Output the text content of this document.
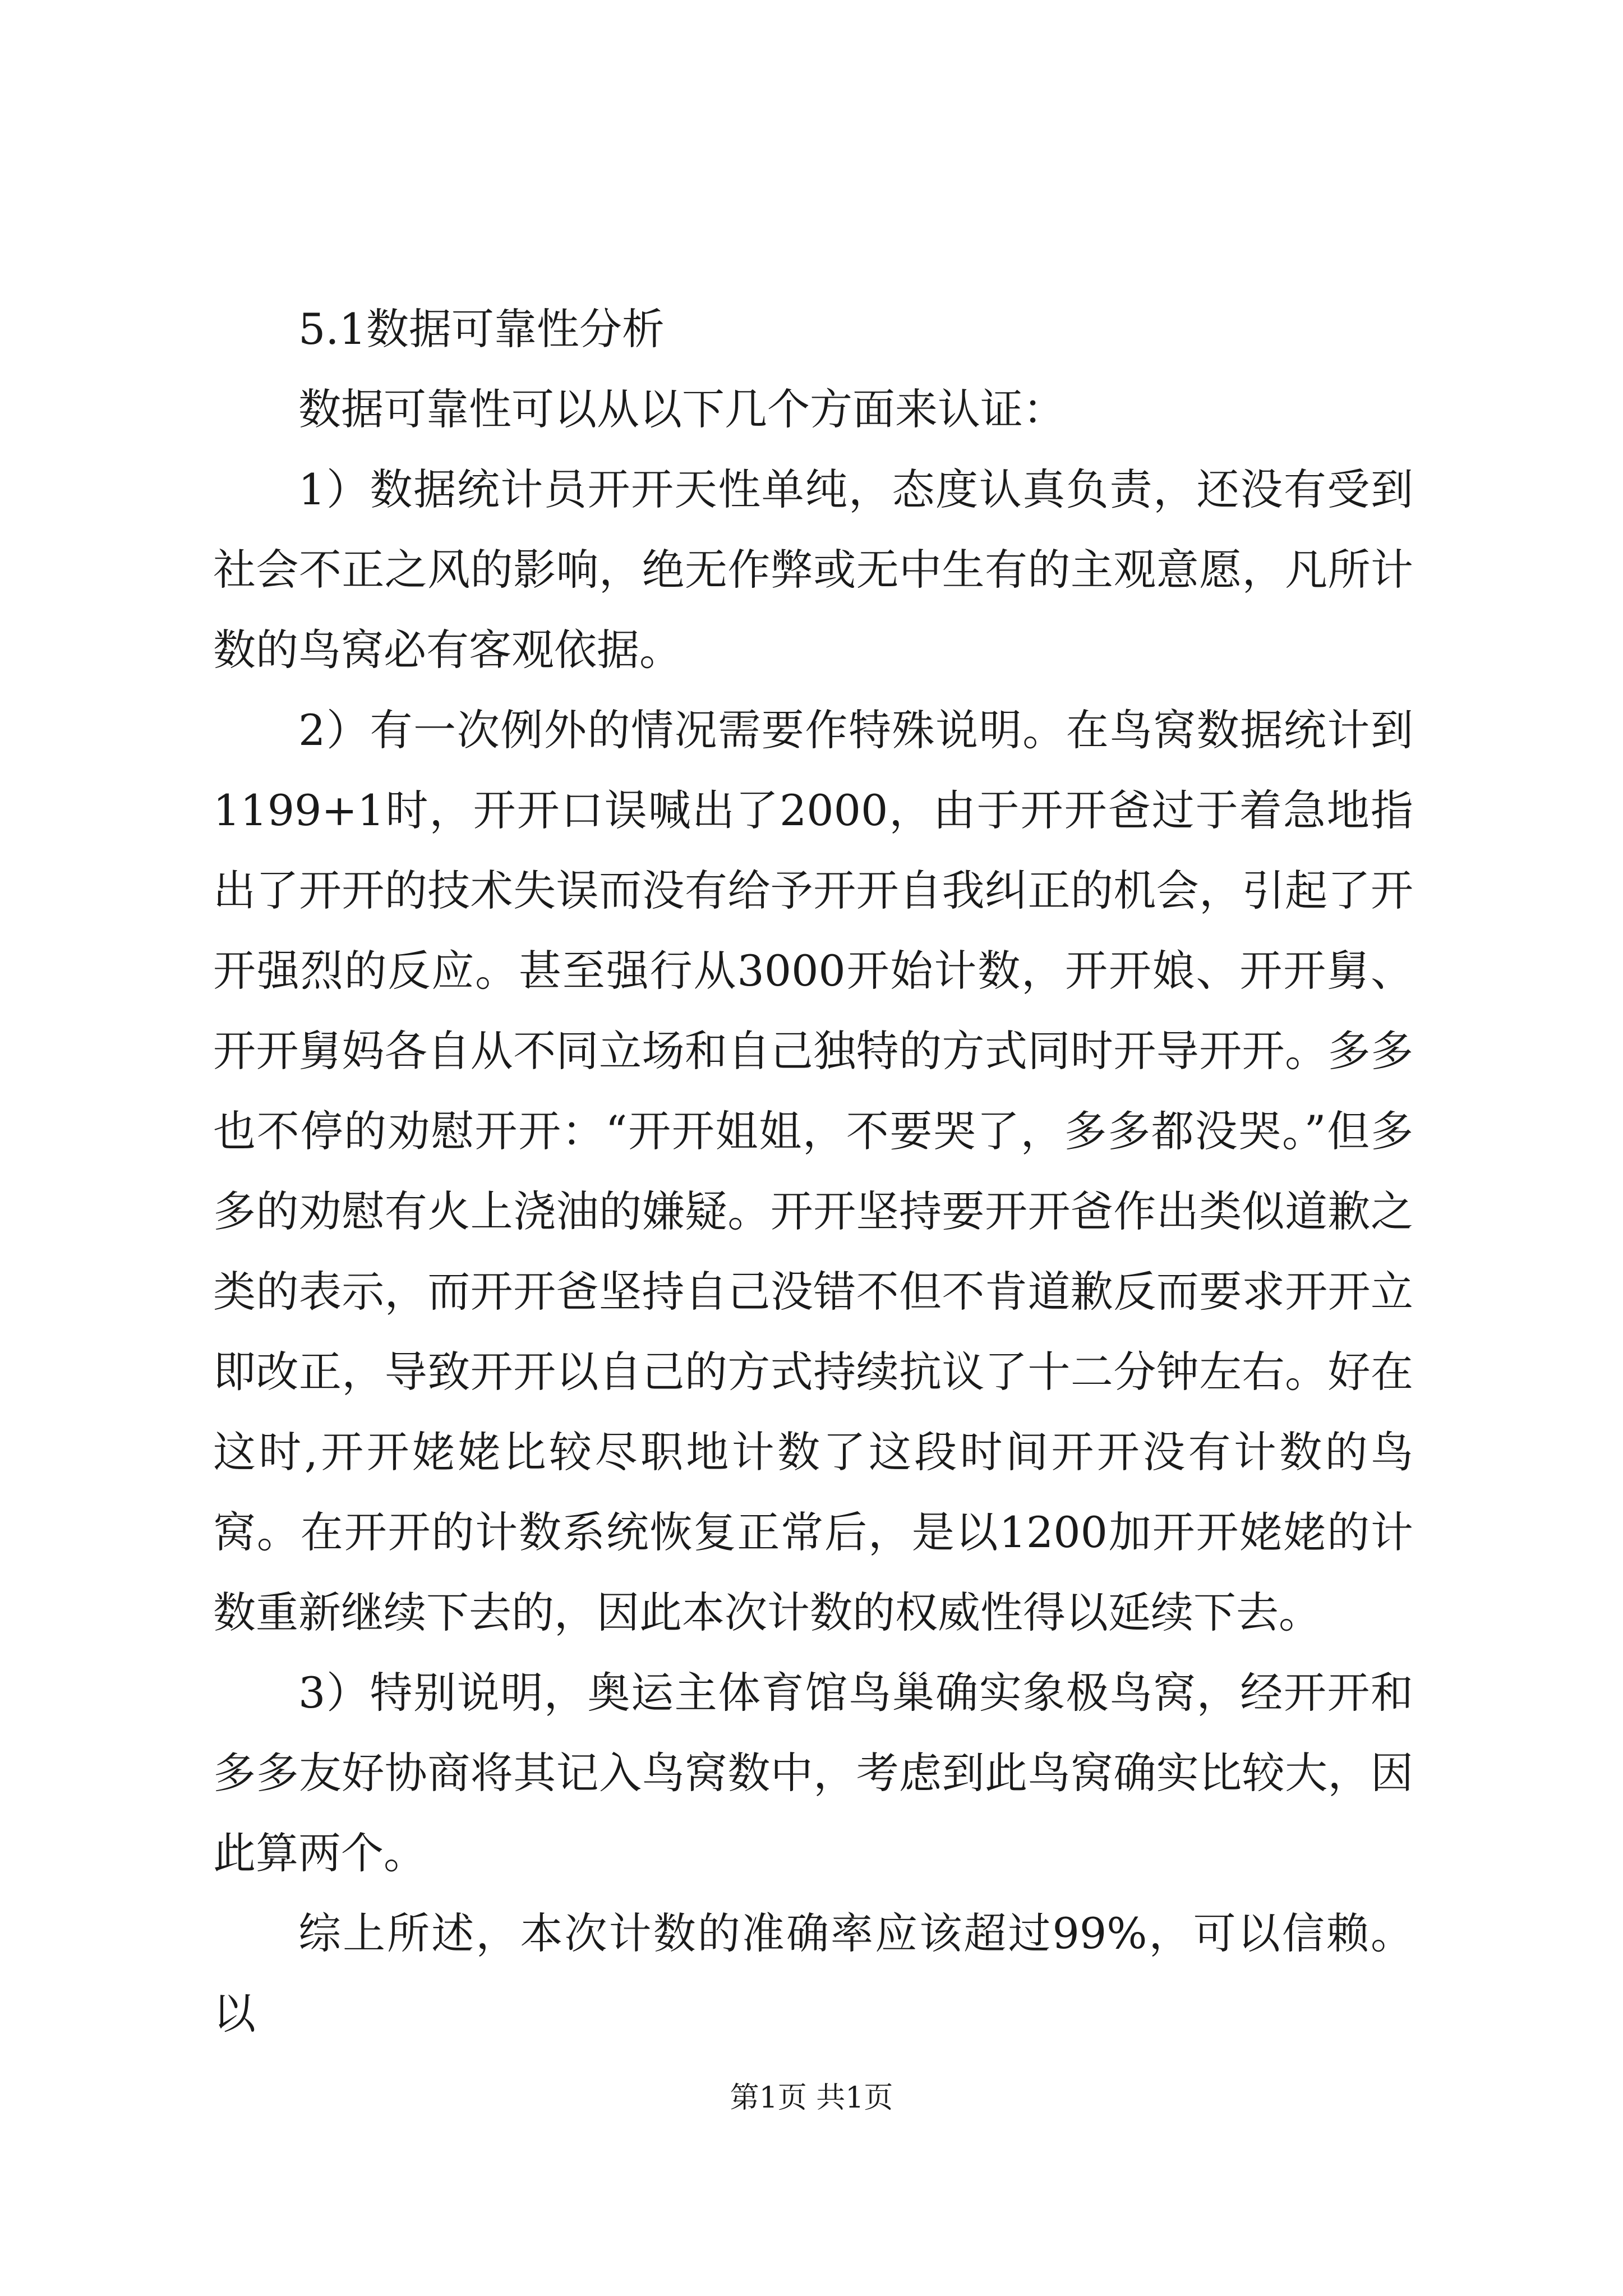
5.1数据可靠性分析

数据可靠性可以从以下几个方面来认证：

1）数据统计员开开天性单纯，态度认真负责，还没有受到社会不正之风的影响，绝无作弊或无中生有的主观意愿，凡所计数的鸟窝必有客观依据。

2）有一次例外的情况需要作特殊说明。在鸟窝数据统计到1199+1时，开开口误喊出了2000，由于开开爸过于着急地指出了开开的技术失误而没有给予开开自我纠正的机会，引起了开开强烈的反应。甚至强行从3000开始计数，开开娘、开开舅、开开舅妈各自从不同立场和自己独特的方式同时开导开开。多多也不停的劝慰开开：“开开姐姐，不要哭了，多多都没哭。”但多多的劝慰有火上浇油的嫌疑。开开坚持要开开爸作出类似道歉之类的表示，而开开爸坚持自己没错不但不肯道歉反而要求开开立即改正，导致开开以自己的方式持续抗议了十二分钟左右。好在这时,开开姥姥比较尽职地计数了这段时间开开没有计数的鸟窝。在开开的计数系统恢复正常后，是以1200加开开姥姥的计数重新继续下去的，因此本次计数的权威性得以延续下去。

3）特别说明，奥运主体育馆鸟巢确实象极鸟窝，经开开和多多友好协商将其记入鸟窝数中，考虑到此鸟窝确实比较大，因此算两个。

综上所述，本次计数的准确率应该超过99%，可以信赖。以

第1页 共1页
